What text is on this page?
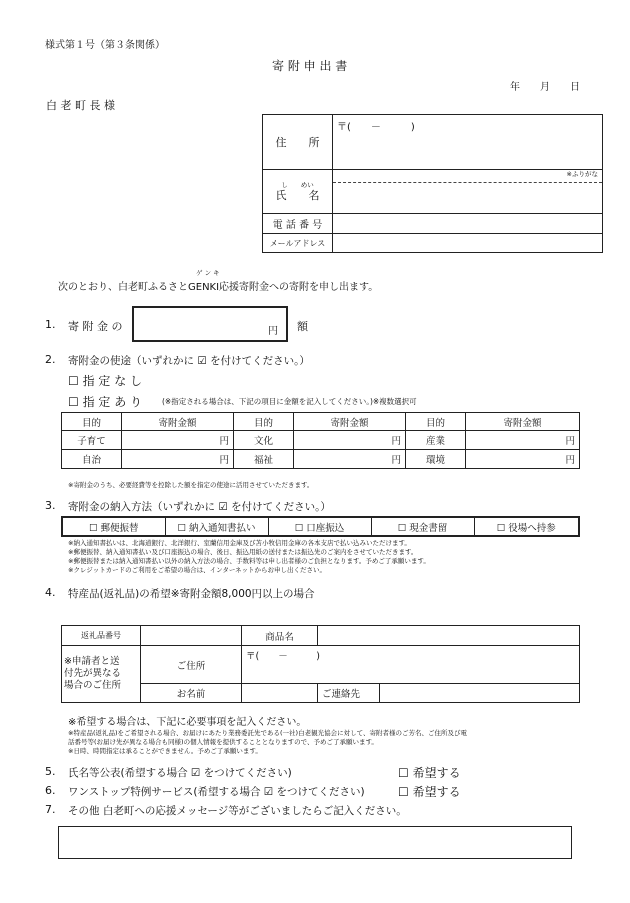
様式第１号（第３条関係）
寄 附 申 出 書
年　　月　　日
白 老 町 長 様
住　　所	〒(　　－　　　)

し　　めい
氏　　名	※ふりがな

電 話 番 号	
メールアドレス	
ゲ ン キ
次のとおり、白老町ふるさとGENKI応援寄附金への寄附を申し出ます。
1. 寄 附 金 の	円 額
2. 寄附金の使途（いずれかに ☑ を付けてください。）
☐ 指 定 な し
☐ 指 定 あ り	(※指定される場合は、下記の項目に金額を記入してください。)※複数選択可
目的	寄附金額	目的	寄附金額	目的	寄附金額
子育て	円	文化	円	産業	円
自治	円	福祉	円	環境	円
※寄附金のうち、必要経費等を控除した額を指定の使途に活用させていただきます。
3. 寄附金の納入方法（いずれかに ☑ を付けてください。）
☐ 郵便振替	☐ 納入通知書払い	☐ 口座振込	☐ 現金書留	☐ 役場へ持参
※納入通知書払いは、北海道銀行、北洋銀行、室蘭信用金庫及び苫小牧信用金庫の各本支店で払い込みいただけます。
※郵便振替、納入通知書払い及び口座振込の場合、後日、振込用紙の送付または振込先のご案内をさせていただきます。
※郵便振替または納入通知書払い以外の納入方法の場合、手数料等は申し出者様のご負担となります。予めご了承願います。
※クレジットカードのご利用をご希望の場合は、インターネットからお申し出ください。
4. 特産品(返礼品)の希望※寄附金額8,000円以上の場合
返礼品番号		商品名	

※申請者と送
付先が異なる
場合のご住所	ご住所	〒(　　－　　　)	
	お名前		ご連絡先
※希望する場合は、下記に必要事項を記入ください。
※特産品(返礼品)をご希望される場合、お届けにあたり業務委託先である(一社)白老観光協会に対して、寄附者様のご芳名、ご住所及び電
話番号等(お届け先が異なる場合も同様)の個人情報を提供することとなりますので、予めご了承願います。
※日時、時間指定は承ることができません。予めご了承願います。
5. 氏名等公表(希望する場合 ☑ をつけてください)	☐ 希望する
6. ワンストップ特例サービス(希望する場合 ☑ をつけてください)	☐ 希望する
7. その他 白老町への応援メッセージ等がございましたらご記入ください。
